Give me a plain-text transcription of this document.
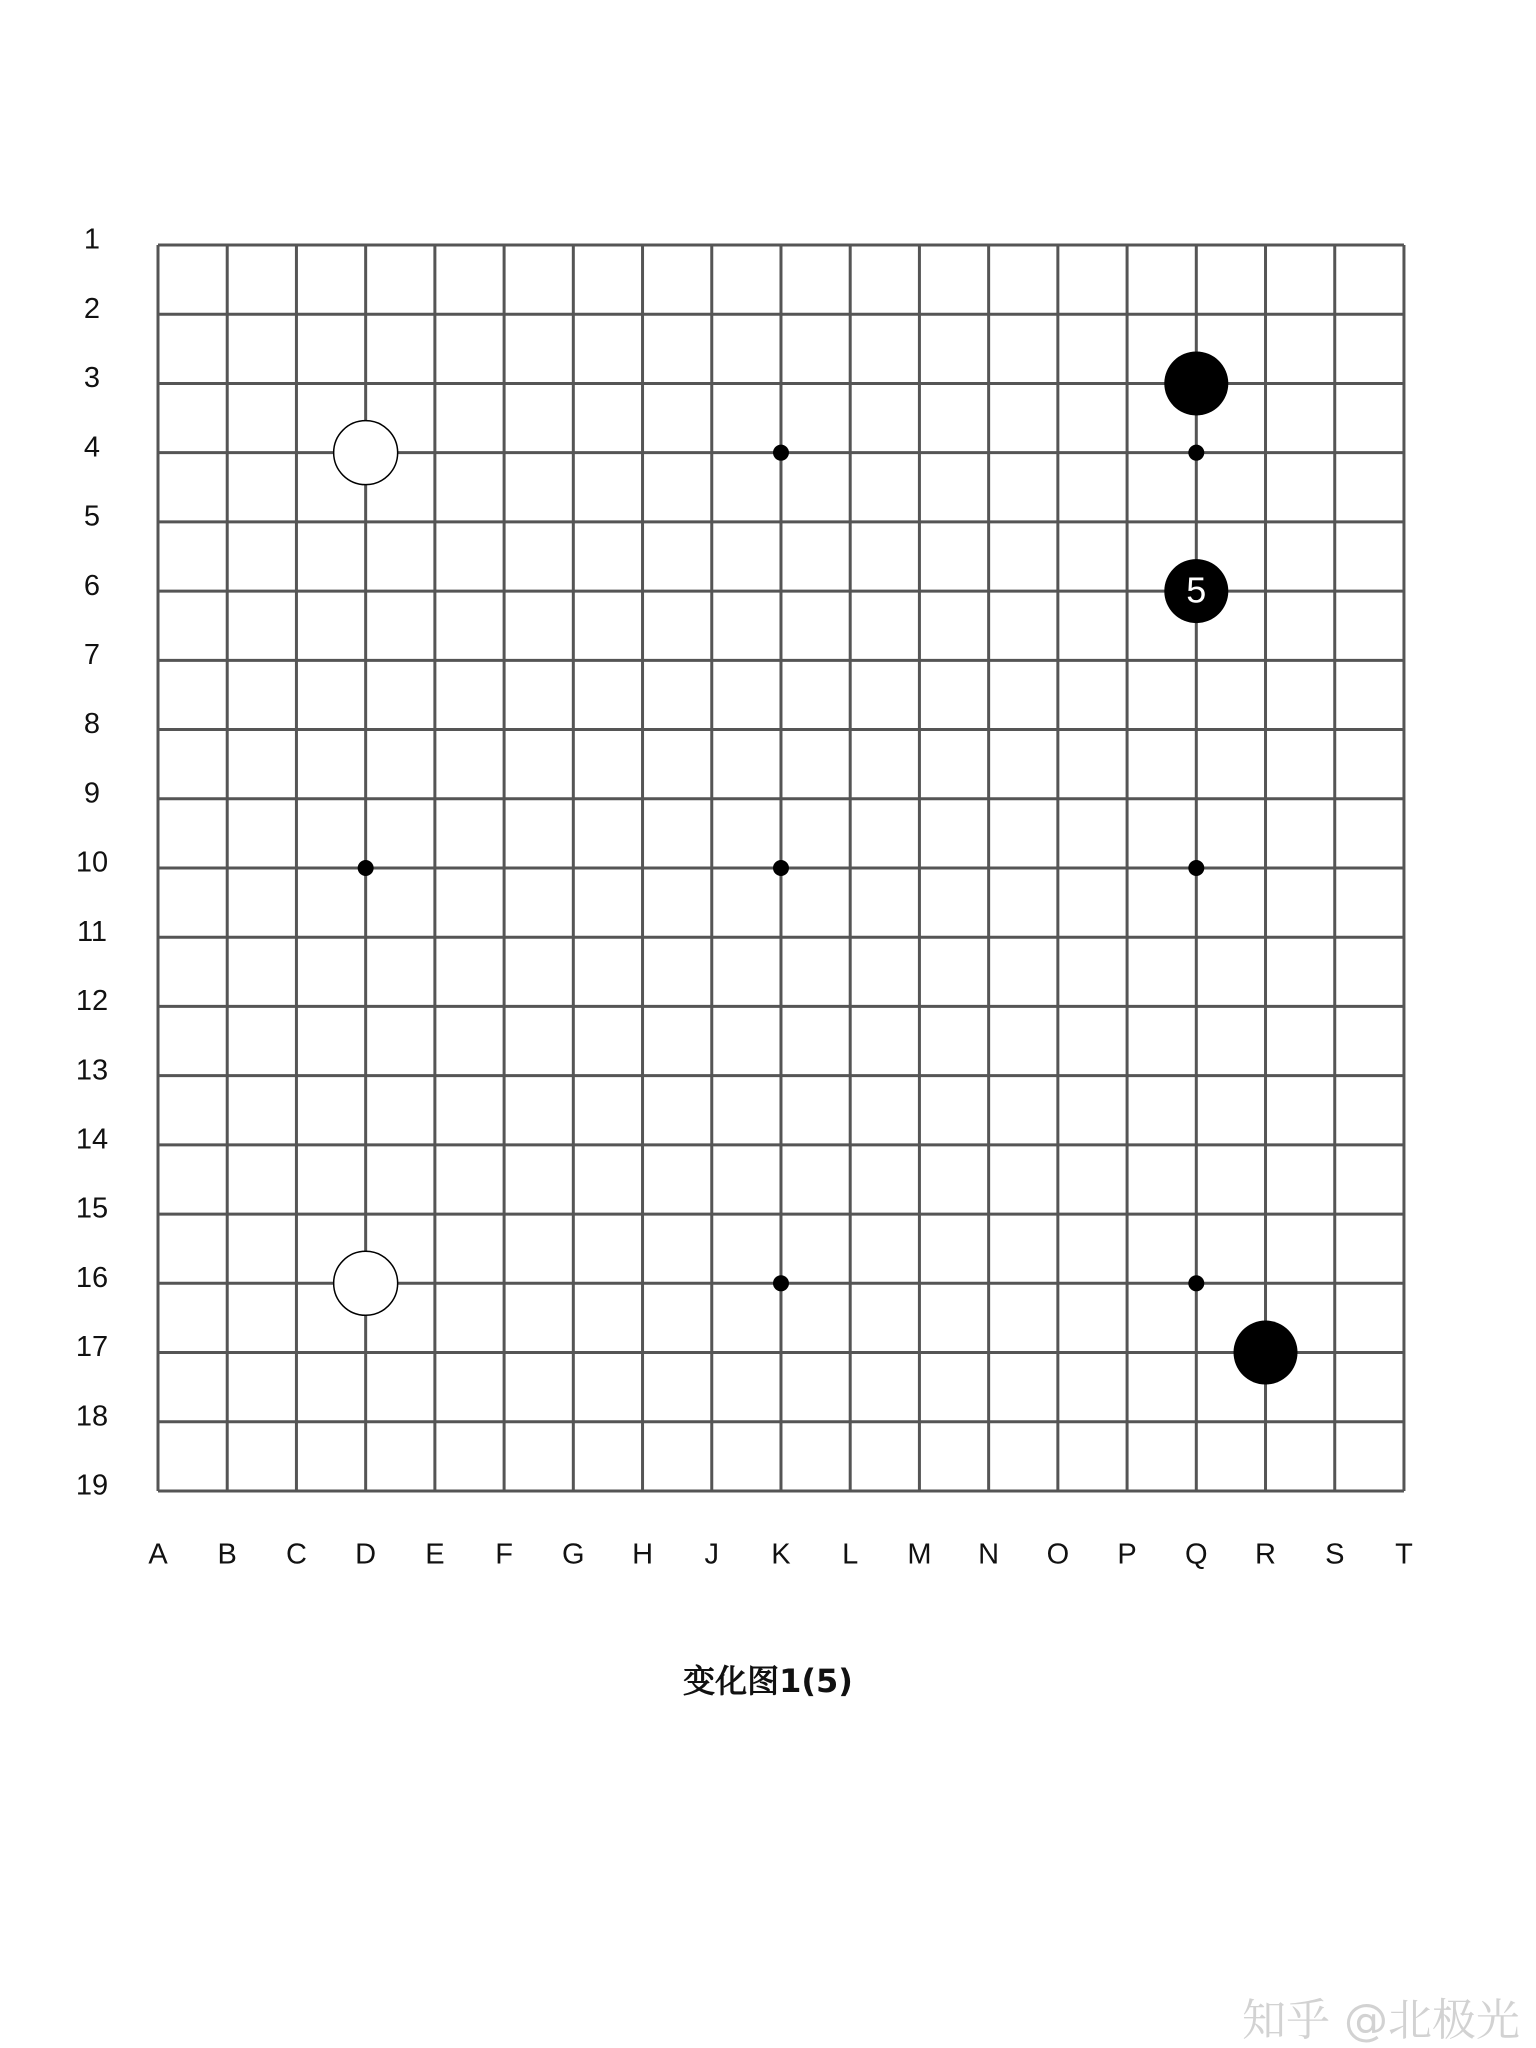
1
2
3
4
5
6
7
8
9
10
11
12
13
14
15
16
17
18
19
A B C D E F G H J K L M N O P Q R S T
5
变化图1(5)
知乎 @北极光
